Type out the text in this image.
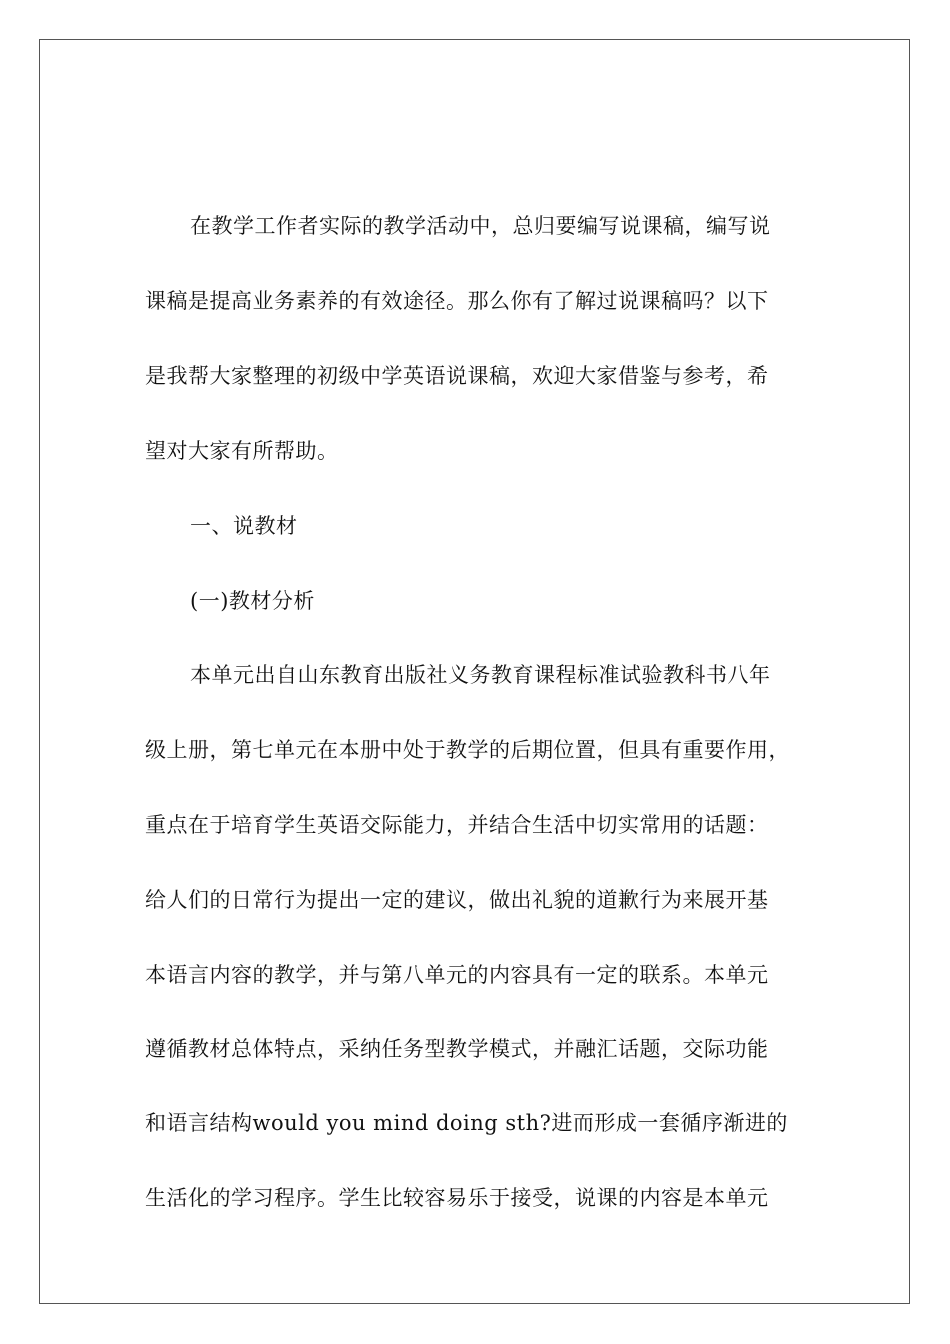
在教学工作者实际的教学活动中，总归要编写说课稿，编写说
课稿是提高业务素养的有效途径。那么你有了解过说课稿吗？以下
是我帮大家整理的初级中学英语说课稿，欢迎大家借鉴与参考，希
望对大家有所帮助。
一、说教材
(一)教材分析
本单元出自山东教育出版社义务教育课程标准试验教科书八年
级上册，第七单元在本册中处于教学的后期位置，但具有重要作用，
重点在于培育学生英语交际能力，并结合生活中切实常用的话题：
给人们的日常行为提出一定的建议，做出礼貌的道歉行为来展开基
本语言内容的教学，并与第八单元的内容具有一定的联系。本单元
遵循教材总体特点，采纳任务型教学模式，并融汇话题，交际功能
和语言结构would you mind doing sth?进而形成一套循序渐进的
生活化的学习程序。学生比较容易乐于接受，说课的内容是本单元
